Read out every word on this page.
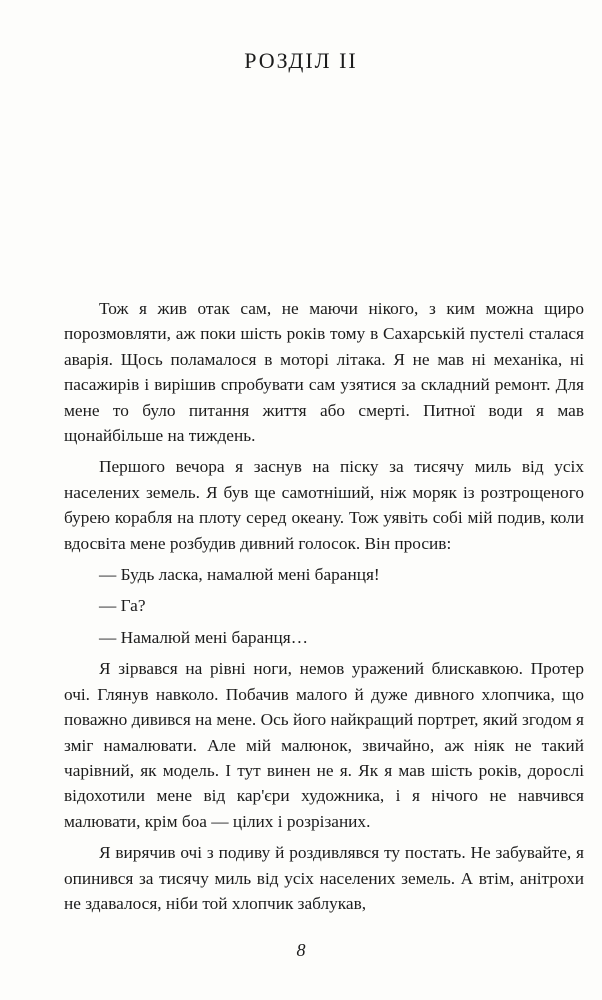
РОЗДІЛ II

Тож я жив отак сам, не маючи нікого, з ким можна щиро порозмовляти, аж поки шість років тому в Сахарській пустелі сталася аварія. Щось поламалося в моторі літака. Я не мав ні механіка, ні пасажирів і вирішив спробувати сам узятися за складний ремонт. Для мене то було питання життя або смерті. Питної води я мав щонайбільше на тиждень.

Першого вечора я заснув на піску за тисячу миль від усіх населених земель. Я був ще самотніший, ніж моряк із розтрощеного бурею корабля на плоту серед океану. Тож уявіть собі мій подив, коли вдосвіта мене розбудив дивний голосок. Він просив:

— Будь ласка, намалюй мені баранця!

— Га?

— Намалюй мені баранця…

Я зірвався на рівні ноги, немов уражений блискавкою. Протер очі. Глянув навколо. Побачив малого й дуже дивного хлопчика, що поважно дивився на мене. Ось його найкращий портрет, який згодом я зміг намалювати. Але мій малюнок, звичайно, аж ніяк не такий чарівний, як модель. І тут винен не я. Як я мав шість років, дорослі відохотили мене від кар'єри художника, і я нічого не навчився малювати, крім боа — цілих і розрізаних.

Я вирячив очі з подиву й роздивлявся ту постать. Не забувайте, я опинився за тисячу миль від усіх населених земель. А втім, анітрохи не здавалося, ніби той хлопчик заблукав,

8
